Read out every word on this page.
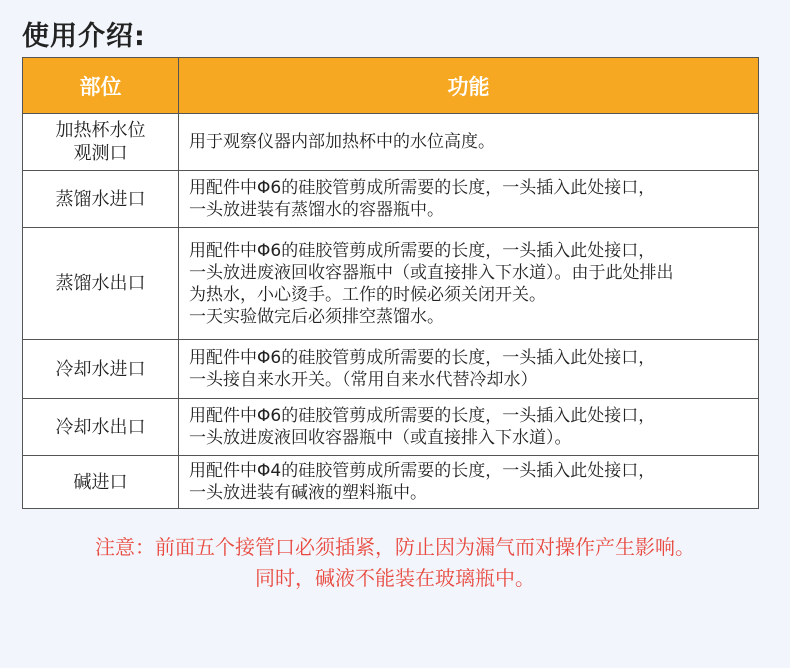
使用介绍:
部位	功能
加热杯水位
观测口	用于观察仪器内部加热杯中的水位高度。
蒸馏水进口	用配件中Φ6的硅胶管剪成所需要的长度，一头插入此处接口，
一头放进装有蒸馏水的容器瓶中。
蒸馏水出口	用配件中Φ6的硅胶管剪成所需要的长度，一头插入此处接口，
一头放进废液回收容器瓶中（或直接排入下水道）。由于此处排出
为热水，小心烫手。工作的时候必须关闭开关。
一天实验做完后必须排空蒸馏水。
冷却水进口	用配件中Φ6的硅胶管剪成所需要的长度，一头插入此处接口，
一头接自来水开关。（常用自来水代替冷却水）
冷却水出口	用配件中Φ6的硅胶管剪成所需要的长度，一头插入此处接口，
一头放进废液回收容器瓶中（或直接排入下水道）。
碱进口	用配件中Φ4的硅胶管剪成所需要的长度，一头插入此处接口，
一头放进装有碱液的塑料瓶中。
注意：前面五个接管口必须插紧，防止因为漏气而对操作产生影响。
同时，碱液不能装在玻璃瓶中。
